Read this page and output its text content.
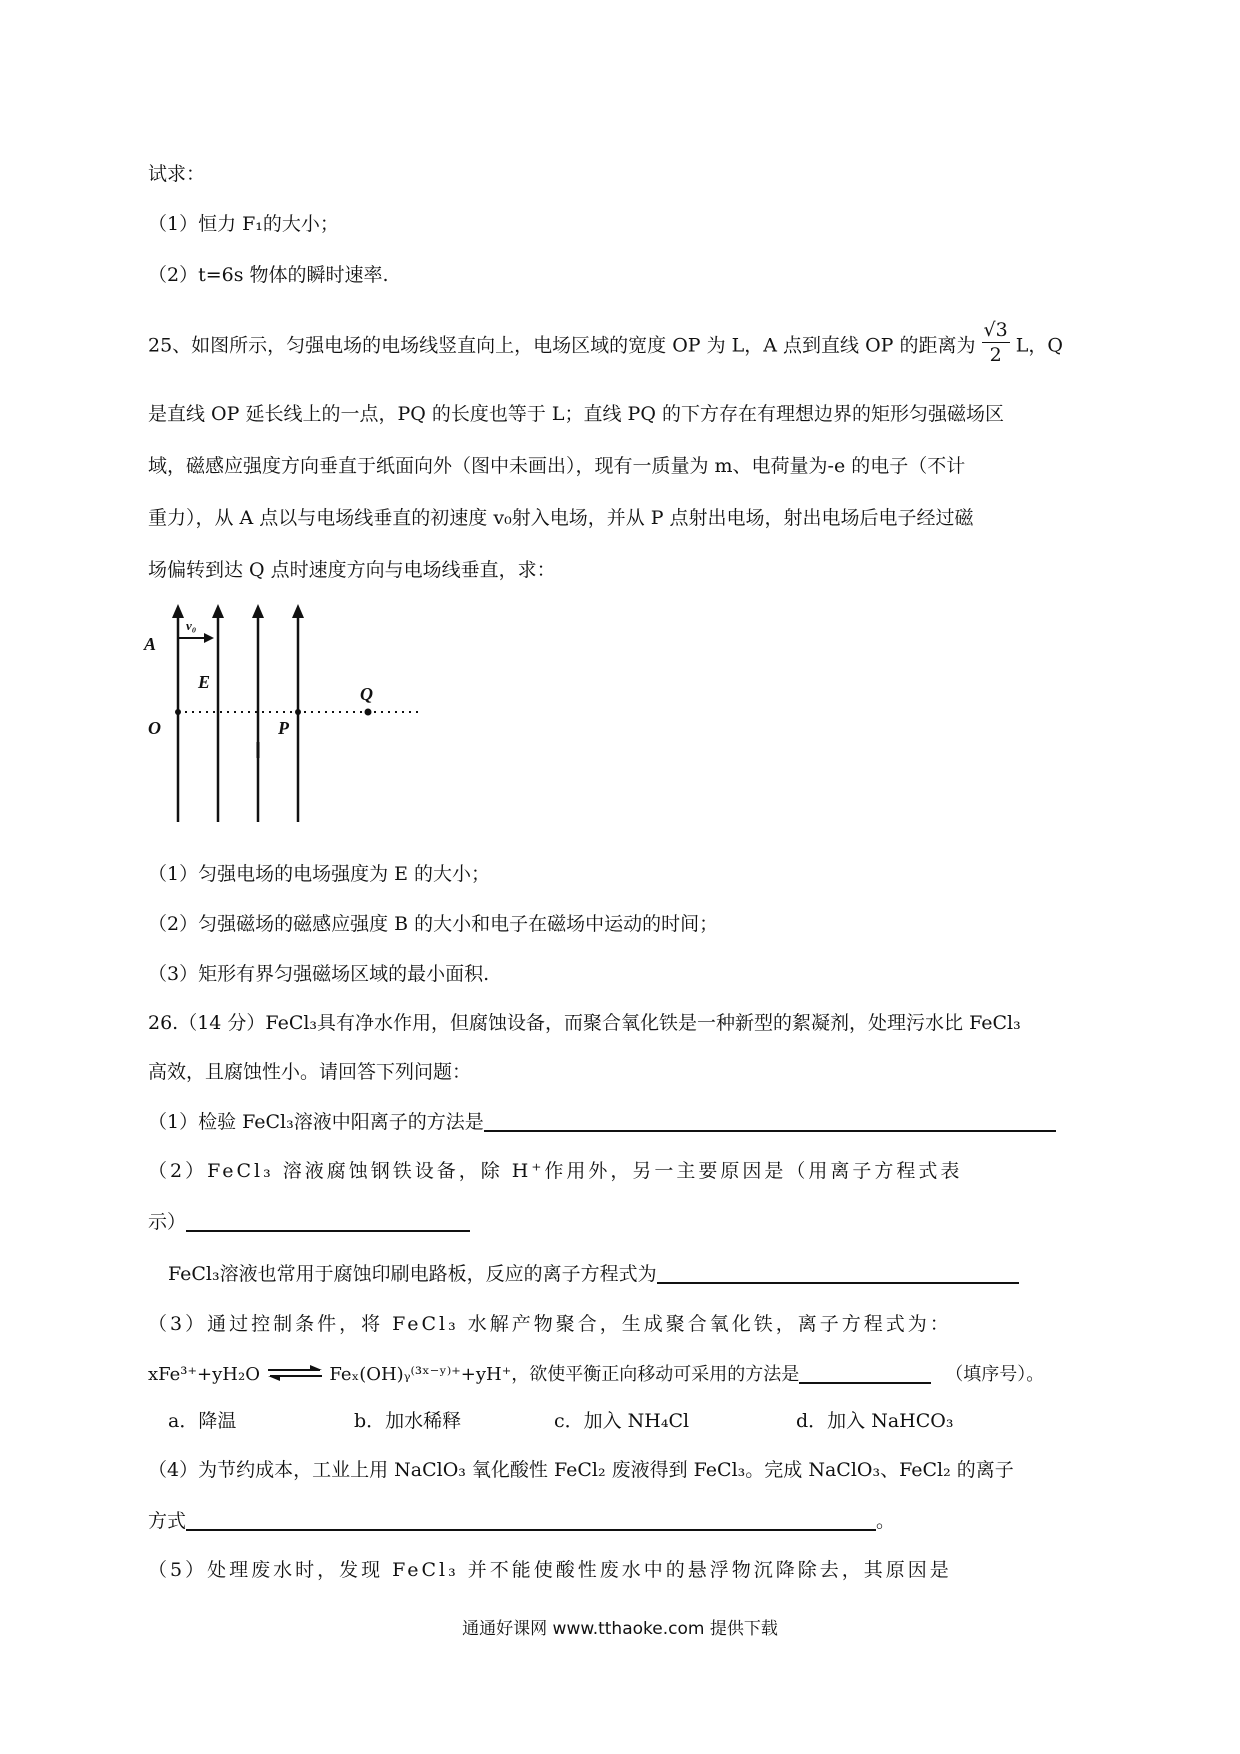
试求：
（1）恒力 F₁的大小；
（2）t=6s 物体的瞬时速率.
25、如图所示，匀强电场的电场线竖直向上，电场区域的宽度 OP 为 L，A 点到直线 OP 的距离为 $\frac{√3}{2}$ L，Q
是直线 OP 延长线上的一点，PQ 的长度也等于 L；直线 PQ 的下方存在有理想边界的矩形匀强磁场区
域，磁感应强度方向垂直于纸面向外（图中未画出），现有一质量为 m、电荷量为-e 的电子（不计
重力），从 A 点以与电场线垂直的初速度 v₀射入电场，并从 P 点射出电场，射出电场后电子经过磁
场偏转到达 Q 点时速度方向与电场线垂直，求：
A
v₀
E
O	P
Q
（1）匀强电场的电场强度为 E 的大小；
（2）匀强磁场的磁感应强度 B 的大小和电子在磁场中运动的时间；
（3）矩形有界匀强磁场区域的最小面积.
26.（14 分）FeCl₃具有净水作用，但腐蚀设备，而聚合氧化铁是一种新型的絮凝剂，处理污水比 FeCl₃
高效，且腐蚀性小。请回答下列问题：
（1）检验 FeCl₃溶液中阳离子的方法是
（2）FeCl₃ 溶液腐蚀钢铁设备，除 H⁺作用外，另一主要原因是（用离子方程式表
示）
FeCl₃溶液也常用于腐蚀印刷电路板，反应的离子方程式为
（3）通过控制条件，将 FeCl₃ 水解产物聚合，生成聚合氧化铁，离子方程式为：
xFe³⁺+yH₂O ⇌ Feₓ(OH)ᵧ⁽³ˣ⁻ʸ⁾⁺+yH⁺，欲使平衡正向移动可采用的方法是	（填序号）。
a．降温	b．加水稀释	c．加入 NH₄Cl	d．加入 NaHCO₃
（4）为节约成本，工业上用 NaClO₃ 氧化酸性 FeCl₂ 废液得到 FeCl₃。完成 NaClO₃、FeCl₂ 的离子
方式	。
（5）处理废水时，发现 FeCl₃ 并不能使酸性废水中的悬浮物沉降除去，其原因是
通通好课网 www.tthaoke.com 提供下载
